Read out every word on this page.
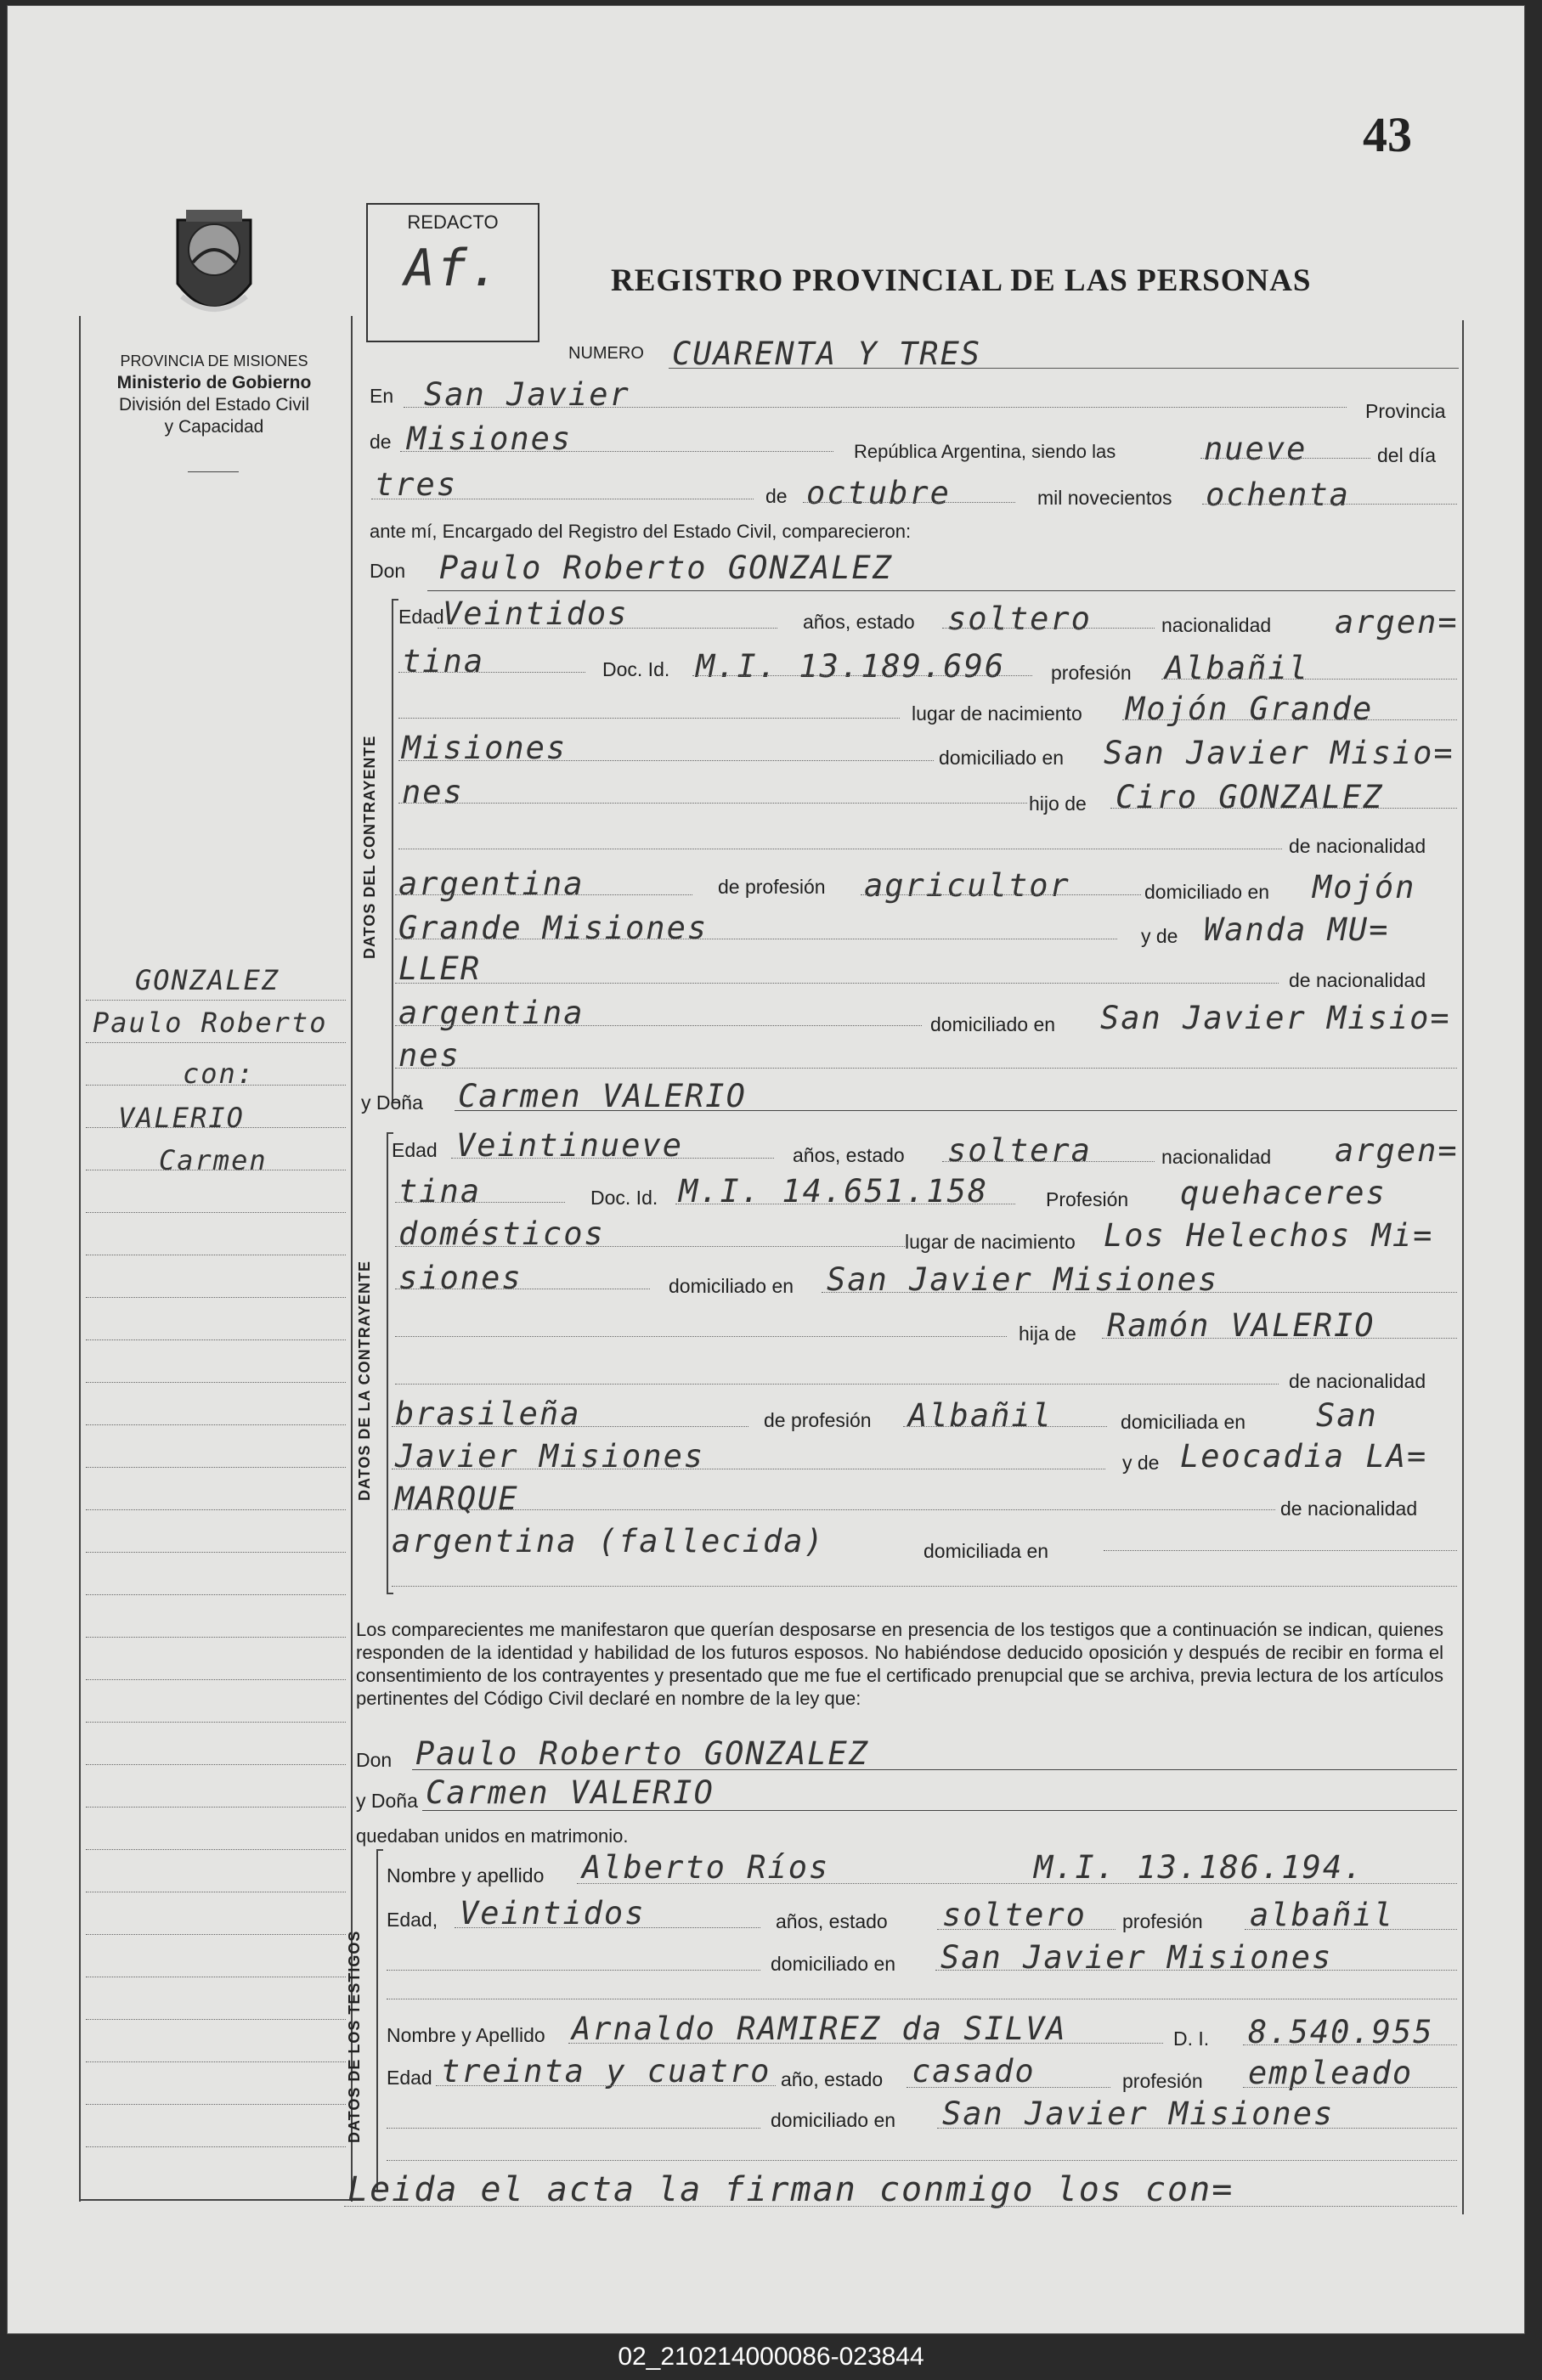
43
PROVINCIA DE MISIONES
Ministerio de Gobierno
División del Estado Civil
y Capacidad
GONZALEZ
Paulo Roberto
con:
VALERIO
Carmen
REDACTO
Af.	REGISTRO PROVINCIAL DE LAS PERSONAS
NUMERO CUARENTA Y TRES
En San Javier	Provincia
de Misiones	República Argentina, siendo las	nueve	del día
tres	de octubre	mil novecientos ochenta
ante mí, Encargado del Registro del Estado Civil, comparecieron:
Don Paulo Roberto GONZALEZ
DATOS DEL CONTRAYENTE
Edad
Veintidos	años, estado soltero	nacionalidad argen=
tina	Doc. Id. M.I. 13.189.696 profesión Albañil
lugar de nacimiento Mojón Grande
Misiones	domiciliado en San Javier Misio=
nes	hijo de Ciro GONZALEZ
de nacionalidad
argentina	de profesión agricultor	domiciliado en Mojón
Grande Misiones	y de Wanda MU=
LLER	de nacionalidad
argentina	domiciliado en San Javier Misio=
nes
y Doña Carmen VALERIO
DATOS DE LA CONTRAYENTE
Edad Veintinueve	años, estado soltera	nacionalidad argen=
tina	Doc. Id. M.I. 14.651.158	Profesión quehaceres
domésticos	lugar de nacimiento Los Helechos Mi=
siones	domiciliado en San Javier Misiones
hija de Ramón VALERIO
de nacionalidad
brasileña	de profesión Albañil	domiciliada en San
Javier Misiones	y de Leocadia LA=
MARQUE	de nacionalidad
argentina (fallecida)	domiciliada en
Los comparecientes me manifestaron que querían desposarse en presencia de los testigos que a continuación se indican, quienes responden de la identidad y habilidad de los futuros esposos. No habiéndose deducido oposición y después de recibir en forma el consentimiento de los contrayentes y presentado que me fue el certificado prenupcial que se archiva, previa lectura de los artículos pertinentes del Código Civil declaré en nombre de la ley que:
Don Paulo Roberto GONZALEZ
y Doña Carmen VALERIO
quedaban unidos en matrimonio.
DATOS DE LOS TESTIGOS
Nombre y apellido Alberto Ríos	M.I. 13.186.194.
Edad, Veintidos	años, estado soltero profesión albañil
domiciliado en San Javier Misiones
Nombre y Apellido Arnaldo RAMIREZ da SILVA	D. I. 8.540.955
Edad treinta y cuatro año, estado casado	profesión empleado
domiciliado en San Javier Misiones
Leida el acta la firman conmigo los con=
02_210214000086-023844
